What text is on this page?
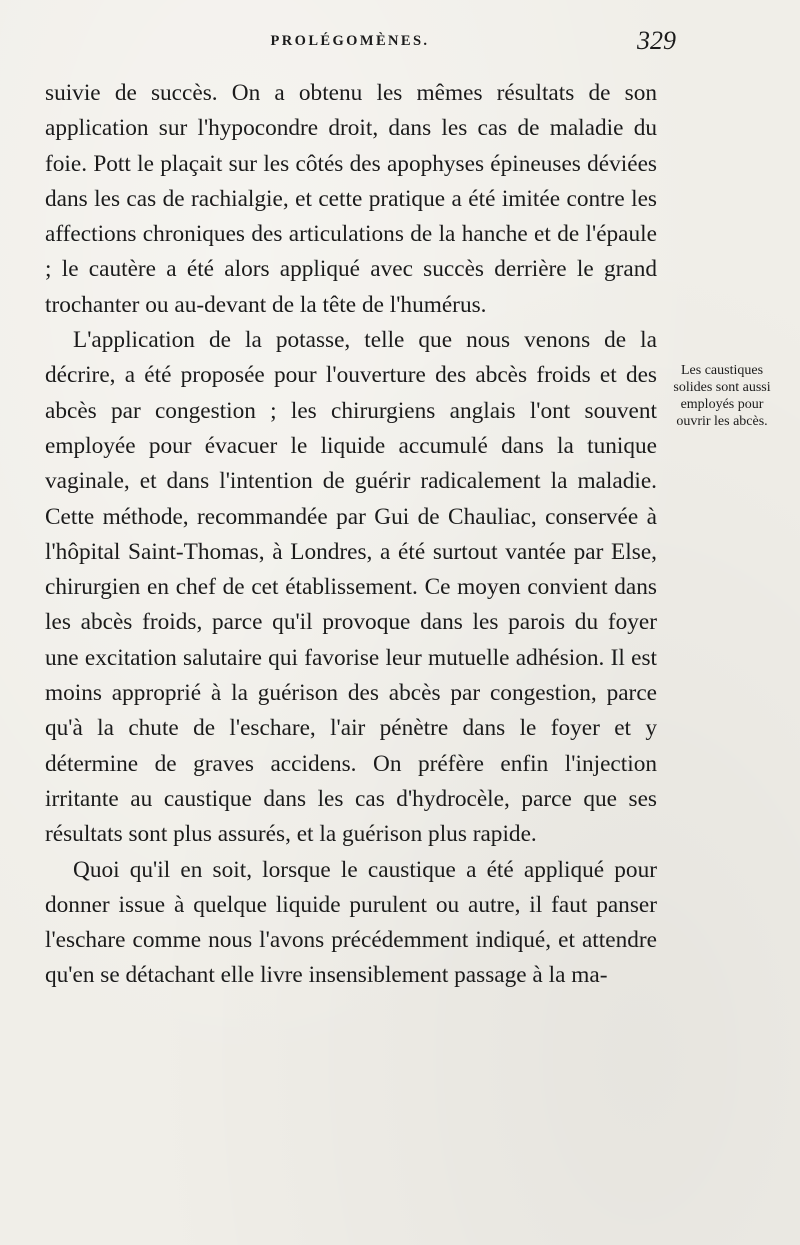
PROLÉGOMÈNES.	329

suivie de succès. On a obtenu les mêmes résultats de son application sur l'hypocondre droit, dans les cas de maladie du foie. Pott le plaçait sur les côtés des apophyses épineuses déviées dans les cas de rachialgie, et cette pratique a été imitée contre les affections chroniques des articulations de la hanche et de l'épaule ; le cautère a été alors appliqué avec succès derrière le grand trochanter ou au-devant de la tête de l'humérus.

L'application de la potasse, telle que nous venons de la décrire, a été proposée pour l'ouverture des abcès froids et des abcès par congestion ; les chirurgiens anglais l'ont souvent employée pour évacuer le liquide accumulé dans la tunique vaginale, et dans l'intention de guérir radicalement la maladie. Cette méthode, recommandée par Gui de Chauliac, conservée à l'hôpital Saint-Thomas, à Londres, a été surtout vantée par Else, chirurgien en chef de cet établissement. Ce moyen convient dans les abcès froids, parce qu'il provoque dans les parois du foyer une excitation salutaire qui favorise leur mutuelle adhésion. Il est moins approprié à la guérison des abcès par congestion, parce qu'à la chute de l'eschare, l'air pénètre dans le foyer et y détermine de graves accidens. On préfère enfin l'injection irritante au caustique dans les cas d'hydrocèle, parce que ses résultats sont plus assurés, et la guérison plus rapide.

Quoi qu'il en soit, lorsque le caustique a été appliqué pour donner issue à quelque liquide purulent ou autre, il faut panser l'eschare comme nous l'avons précédemment indiqué, et attendre qu'en se détachant elle livre insensiblement passage à la ma-

Les caustiques solides sont aussi employés pour ouvrir les abcès.
